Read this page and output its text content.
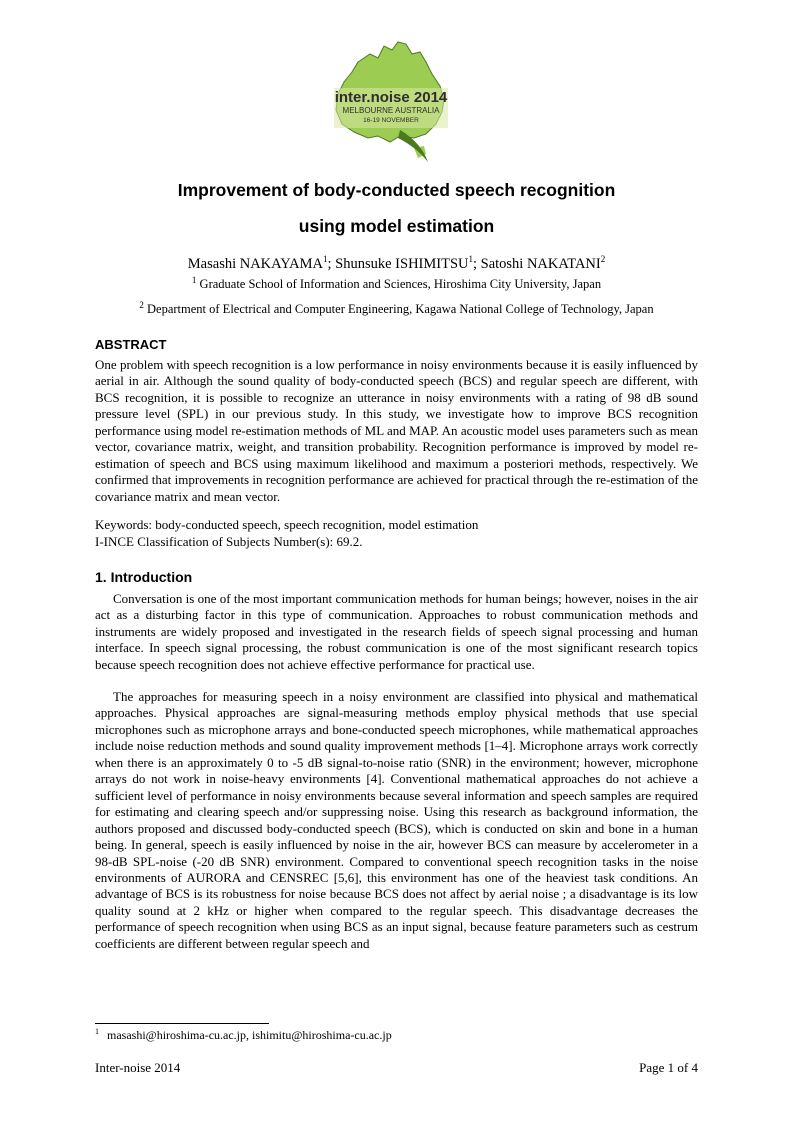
inter.noise 2014
MELBOURNE AUSTRALIA
16-19 NOVEMBER
Improvement of body-conducted speech recognition
using model estimation
Masashi NAKAYAMA$^1$; Shunsuke ISHIMITSU$^1$; Satoshi NAKATANI$^2$
$^1$ Graduate School of Information and Sciences, Hiroshima City University, Japan
$^2$ Department of Electrical and Computer Engineering, Kagawa National College of Technology, Japan
ABSTRACT

One problem with speech recognition is a low performance in noisy environments because it is easily influenced by aerial in air. Although the sound quality of body-conducted speech (BCS) and regular speech are different, with BCS recognition, it is possible to recognize an utterance in noisy environments with a rating of 98 dB sound pressure level (SPL) in our previous study. In this study, we investigate how to improve BCS recognition performance using model re-estimation methods of ML and MAP. An acoustic model uses parameters such as mean vector, covariance matrix, weight, and transition probability. Recognition performance is improved by model re-estimation of speech and BCS using maximum likelihood and maximum a posteriori methods, respectively. We confirmed that improvements in recognition performance are achieved for practical through the re-estimation of the covariance matrix and mean vector.

Keywords: body-conducted speech, speech recognition, model estimation

I-INCE Classification of Subjects Number(s): 69.2.

1. Introduction

Conversation is one of the most important communication methods for human beings; however, noises in the air act as a disturbing factor in this type of communication. Approaches to robust communication methods and instruments are widely proposed and investigated in the research fields of speech signal processing and human interface. In speech signal processing, the robust communication is one of the most significant research topics because speech recognition does not achieve effective performance for practical use.

The approaches for measuring speech in a noisy environment are classified into physical and mathematical approaches. Physical approaches are signal-measuring methods employ physical methods that use special microphones such as microphone arrays and bone-conducted speech microphones, while mathematical approaches include noise reduction methods and sound quality improvement methods [1–4]. Microphone arrays work correctly when there is an approximately 0 to -5 dB signal-to-noise ratio (SNR) in the environment; however, microphone arrays do not work in noise-heavy environments [4]. Conventional mathematical approaches do not achieve a sufficient level of performance in noisy environments because several information and speech samples are required for estimating and clearing speech and/or suppressing noise. Using this research as background information, the authors proposed and discussed body-conducted speech (BCS), which is conducted on skin and bone in a human being. In general, speech is easily influenced by noise in the air, however BCS can measure by accelerometer in a 98-dB SPL-noise (-20 dB SNR) environment. Compared to conventional speech recognition tasks in the noise environments of AURORA and CENSREC [5,6], this environment has one of the heaviest task conditions. An advantage of BCS is its robustness for noise because BCS does not affect by aerial noise ; a disadvantage is its low quality sound at 2 kHz or higher when compared to the regular speech. This disadvantage decreases the performance of speech recognition when using BCS as an input signal, because feature parameters such as cestrum coefficients are different between regular speech and

$^1$ masashi@hiroshima-cu.ac.jp, ishimitu@hiroshima-cu.ac.jp
Inter-noise 2014	Page 1 of 4
